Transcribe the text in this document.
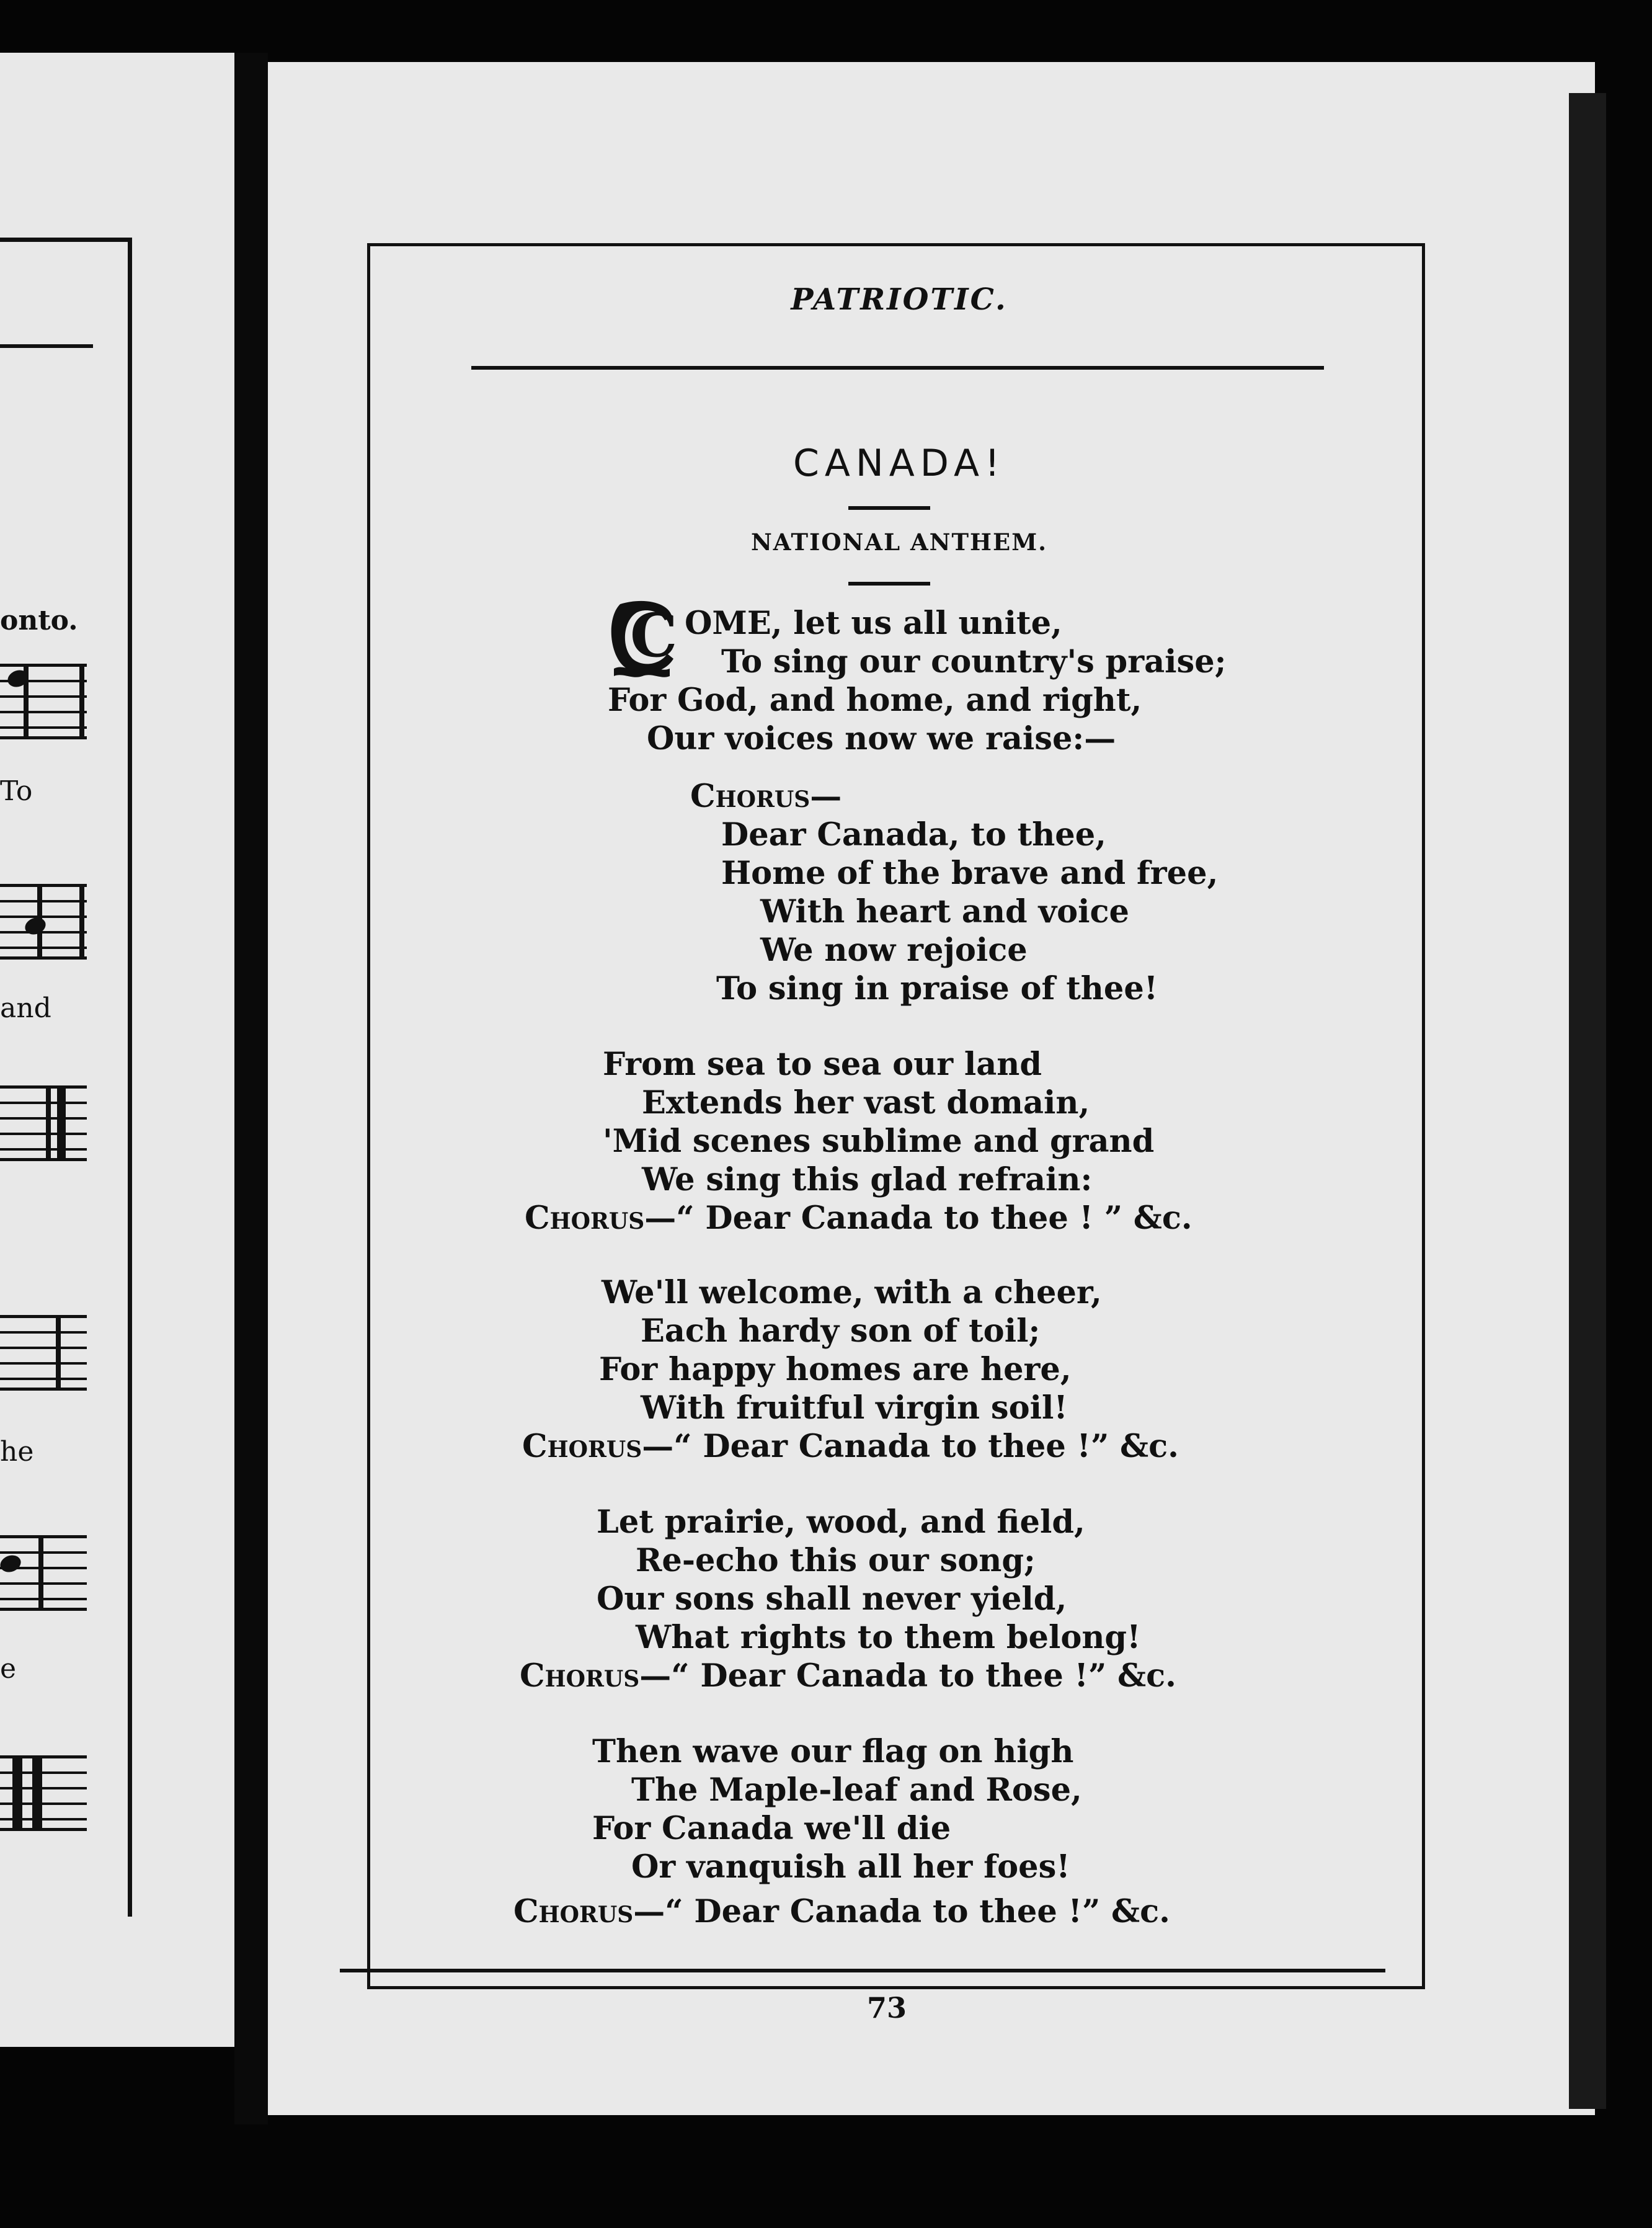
onto.
To
and
he
e
PATRIOTIC.
CANADA!
NATIONAL ANTHEM.
C OME, let us all unite,
To sing our country's praise;
For God, and home, and right,
Our voices now we raise:—
Chorus—
Dear Canada, to thee,
Home of the brave and free,
With heart and voice
We now rejoice
To sing in praise of thee!
From sea to sea our land
Extends her vast domain,
'Mid scenes sublime and grand
We sing this glad refrain:
Chorus—“ Dear Canada to thee ! ” &c.
We'll welcome, with a cheer,
Each hardy son of toil;
For happy homes are here,
With fruitful virgin soil!
Chorus—“ Dear Canada to thee !” &c.
Let prairie, wood, and field,
Re-echo this our song;
Our sons shall never yield,
What rights to them belong!
Chorus—“ Dear Canada to thee !” &c.
Then wave our flag on high
The Maple-leaf and Rose,
For Canada we'll die
Or vanquish all her foes!
Chorus—“ Dear Canada to thee !” &c.
73
